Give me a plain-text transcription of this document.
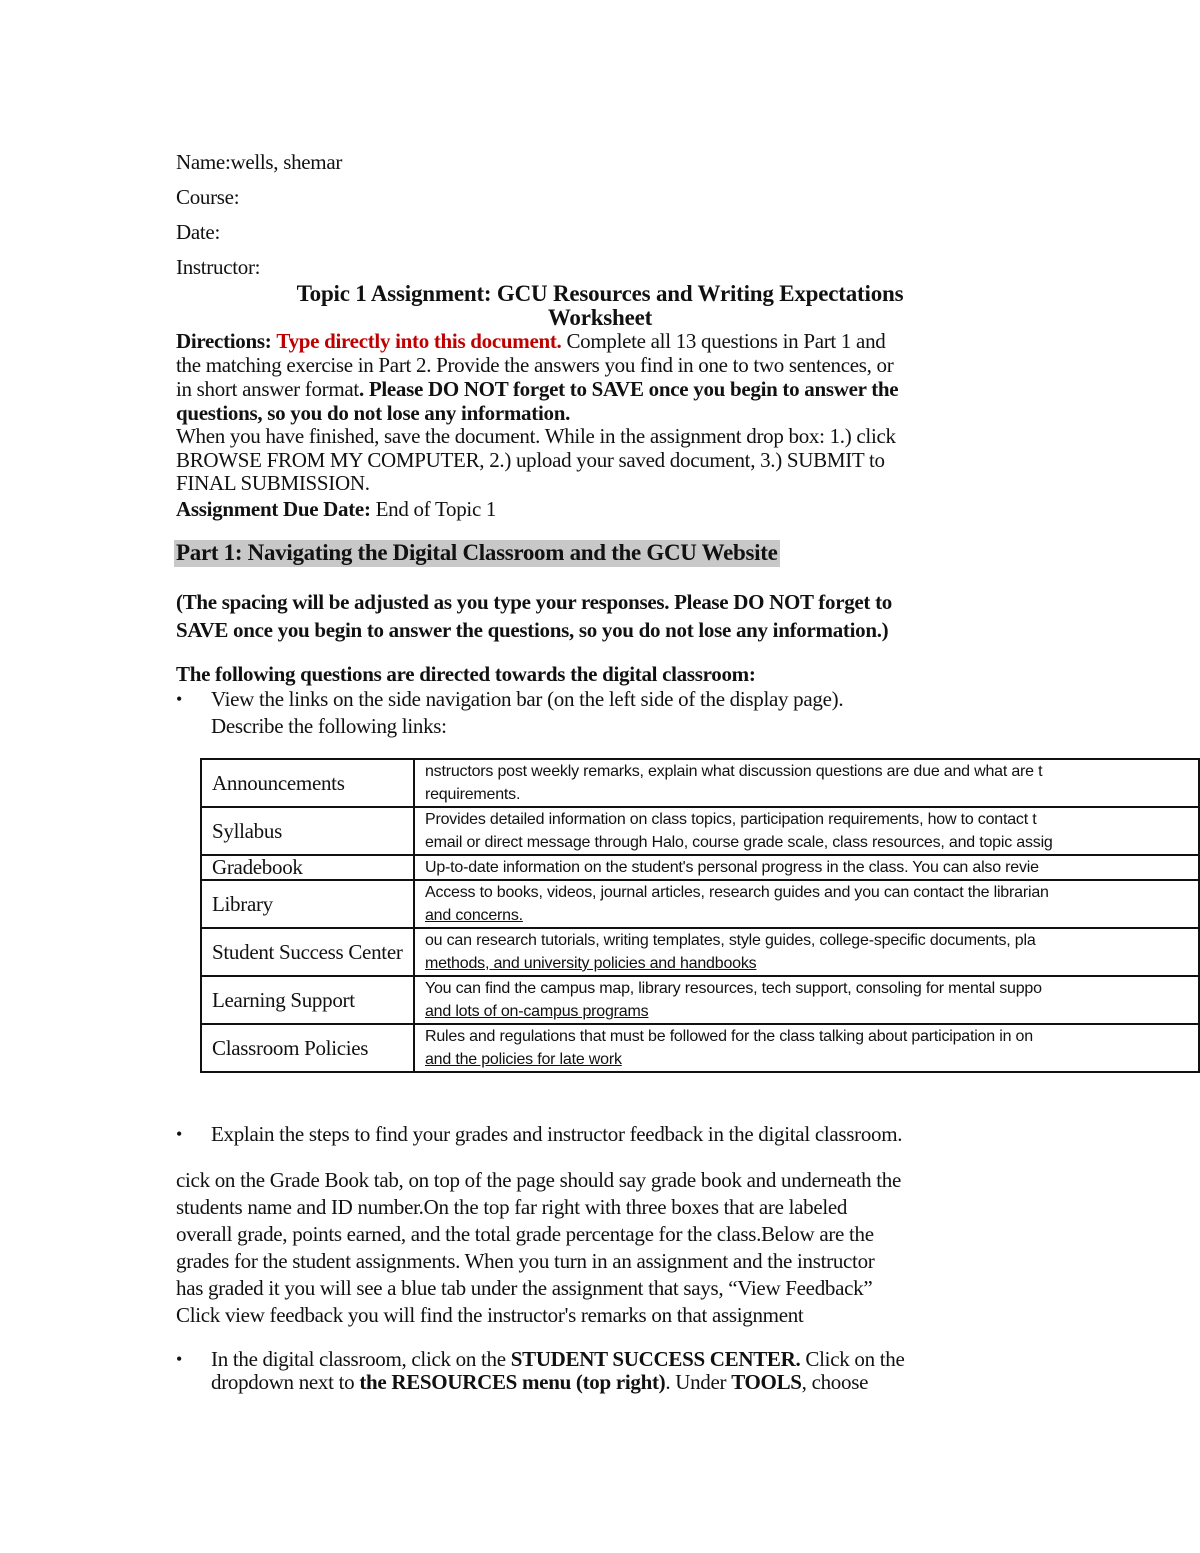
Name:wells, shemar
Course:
Date:
Instructor:
Topic 1 Assignment: GCU Resources and Writing Expectations
Worksheet
Directions: Type directly into this document. Complete all 13 questions in Part 1 and
the matching exercise in Part 2. Provide the answers you find in one to two sentences, or
in short answer format. Please DO NOT forget to SAVE once you begin to answer the
questions, so you do not lose any information.
When you have finished, save the document. While in the assignment drop box: 1.) click
BROWSE FROM MY COMPUTER, 2.) upload your saved document, 3.) SUBMIT to
FINAL SUBMISSION.
Assignment Due Date: End of Topic 1
Part 1: Navigating the Digital Classroom and the GCU Website
(The spacing will be adjusted as you type your responses. Please DO NOT forget to
SAVE once you begin to answer the questions, so you do not lose any information.)
The following questions are directed towards the digital classroom:
• View the links on the side navigation bar (on the left side of the display page).
Describe the following links:
Announcements	nstructors post weekly remarks, explain what discussion questions are due and what are t
requirements.

Syllabus	Provides detailed information on class topics, participation requirements, how to contact t
email or direct message through Halo, course grade scale, class resources, and topic assig

Gradebook	Up-to-date information on the student's personal progress in the class. You can also revie

Library	Access to books, videos, journal articles, research guides and you can contact the librarian
and concerns.

Student Success Center	ou can research tutorials, writing templates, style guides, college-specific documents, pla
methods, and university policies and handbooks

Learning Support	You can find the campus map, library resources, tech support, consoling for mental suppo
and lots of on-campus programs

Classroom Policies	Rules and regulations that must be followed for the class talking about participation in on
and the policies for late work
• Explain the steps to find your grades and instructor feedback in the digital classroom.
cick on the Grade Book tab, on top of the page should say grade book and underneath the
students name and ID number.On the top far right with three boxes that are labeled
overall grade, points earned, and the total grade percentage for the class.Below are the
grades for the student assignments. When you turn in an assignment and the instructor
has graded it you will see a blue tab under the assignment that says, “View Feedback”
Click view feedback you will find the instructor's remarks on that assignment
• In the digital classroom, click on the STUDENT SUCCESS CENTER. Click on the
dropdown next to the RESOURCES menu (top right). Under TOOLS, choose
